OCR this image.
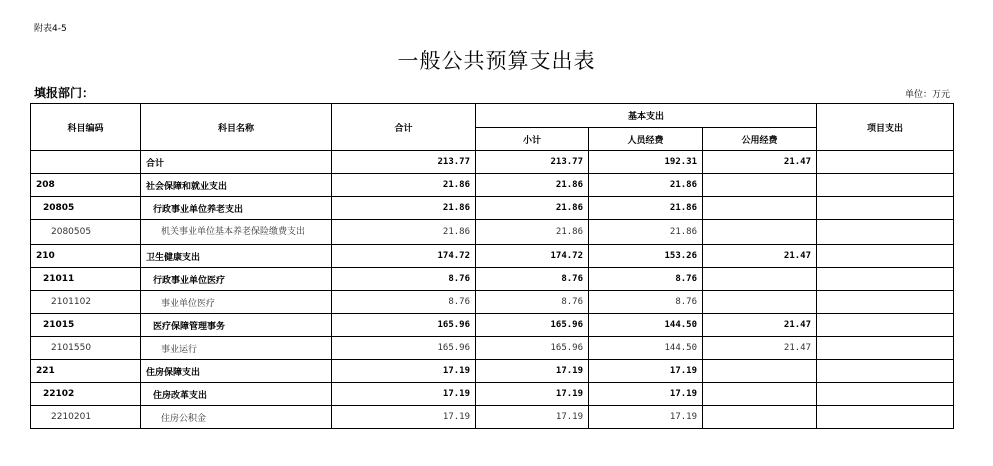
附表4-5
一般公共预算支出表
填报部门：	单位：万元
科目编码	科目名称	合计	基本支出			项目支出
			小计	人员经费	公用经费	
	合计	213.77	213.77	192.31	21.47	
208	社会保障和就业支出	21.86	21.86	21.86		
20805	行政事业单位养老支出	21.86	21.86	21.86		
2080505	机关事业单位基本养老保险缴费支出	21.86	21.86	21.86		
210	卫生健康支出	174.72	174.72	153.26	21.47	
21011	行政事业单位医疗	8.76	8.76	8.76		
2101102	事业单位医疗	8.76	8.76	8.76		
21015	医疗保障管理事务	165.96	165.96	144.50	21.47	
2101550	事业运行	165.96	165.96	144.50	21.47	
221	住房保障支出	17.19	17.19	17.19		
22102	住房改革支出	17.19	17.19	17.19		
2210201	住房公积金	17.19	17.19	17.19		
